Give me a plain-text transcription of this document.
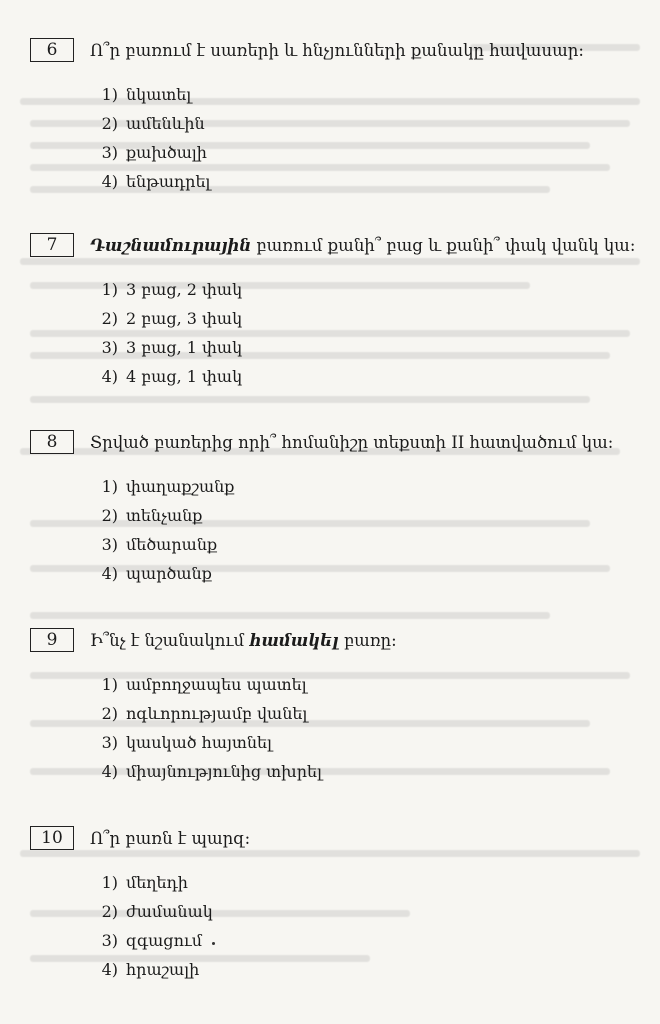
6	Ո՞ր բառում է սառերի և հնչյունների քանակը հավասար:
1) նկատել
2) ամենևին
3) քախծալի
4) ենթադրել
7	Դաշնամուրային բառում քանի՞ բաց և քանի՞ փակ վանկ կա:
1) 3 բաց, 2 փակ
2) 2 բաց, 3 փակ
3) 3 բաց, 1 փակ
4) 4 բաց, 1 փակ
8	Տրված բառերից որի՞ հոմանիշը տեքստի II հատվածում կա:
1) փաղաքշանք
2) տենչանք
3) մեծարանք
4) պարծանք
9	Ի՞նչ է նշանակում համակել բառը:
1) ամբողջապես պատել
2) ոգևորությամբ վանել
3) կասկած հայտնել
4) միայնությունից տխրել
10	Ո՞ր բառն է պարզ:
1) մեղեդի
2) ժամանակ
3) զգացում
4) հրաշալի
